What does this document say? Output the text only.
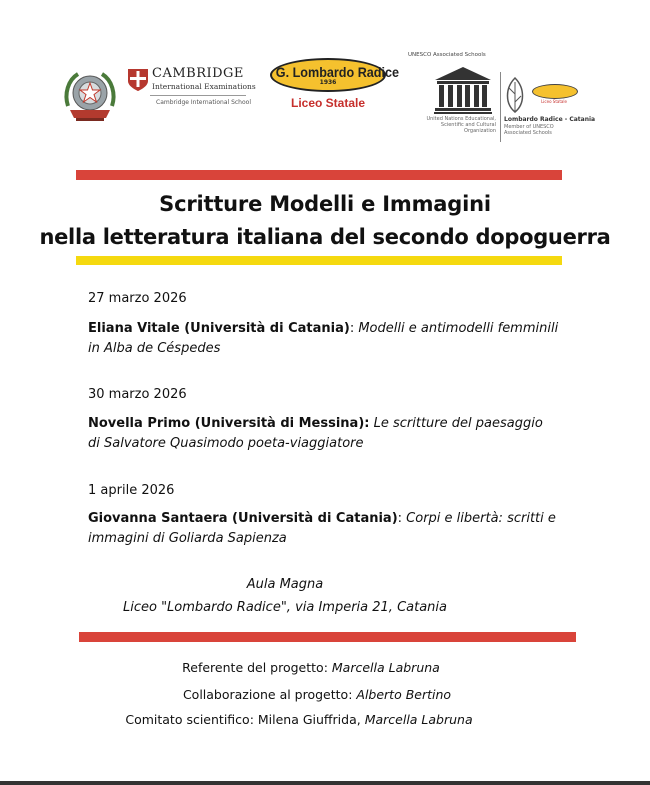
CAMBRIDGE
International Examinations
Cambridge International School
G. Lombardo Radice
1936
Liceo Statale
UNESCO Associated Schools
United Nations Educational, Scientific and Cultural Organization
Liceo Statale
Lombardo Radice - Catania
Member of UNESCO Associated Schools
Scritture Modelli e Immagini
nella letteratura italiana del secondo dopoguerra
27 marzo 2026
Eliana Vitale (Università di Catania): Modelli e antimodelli femminili
in Alba de Céspedes
30 marzo 2026
Novella Primo (Università di Messina): Le scritture del paesaggio
di Salvatore Quasimodo poeta-viaggiatore
1 aprile 2026
Giovanna Santaera (Università di Catania): Corpi e libertà: scritti e
immagini di Goliarda Sapienza
Aula Magna
Liceo "Lombardo Radice", via Imperia 21, Catania
Referente del progetto: Marcella Labruna
Collaborazione al progetto: Alberto Bertino
Comitato scientifico: Milena Giuffrida, Marcella Labruna
